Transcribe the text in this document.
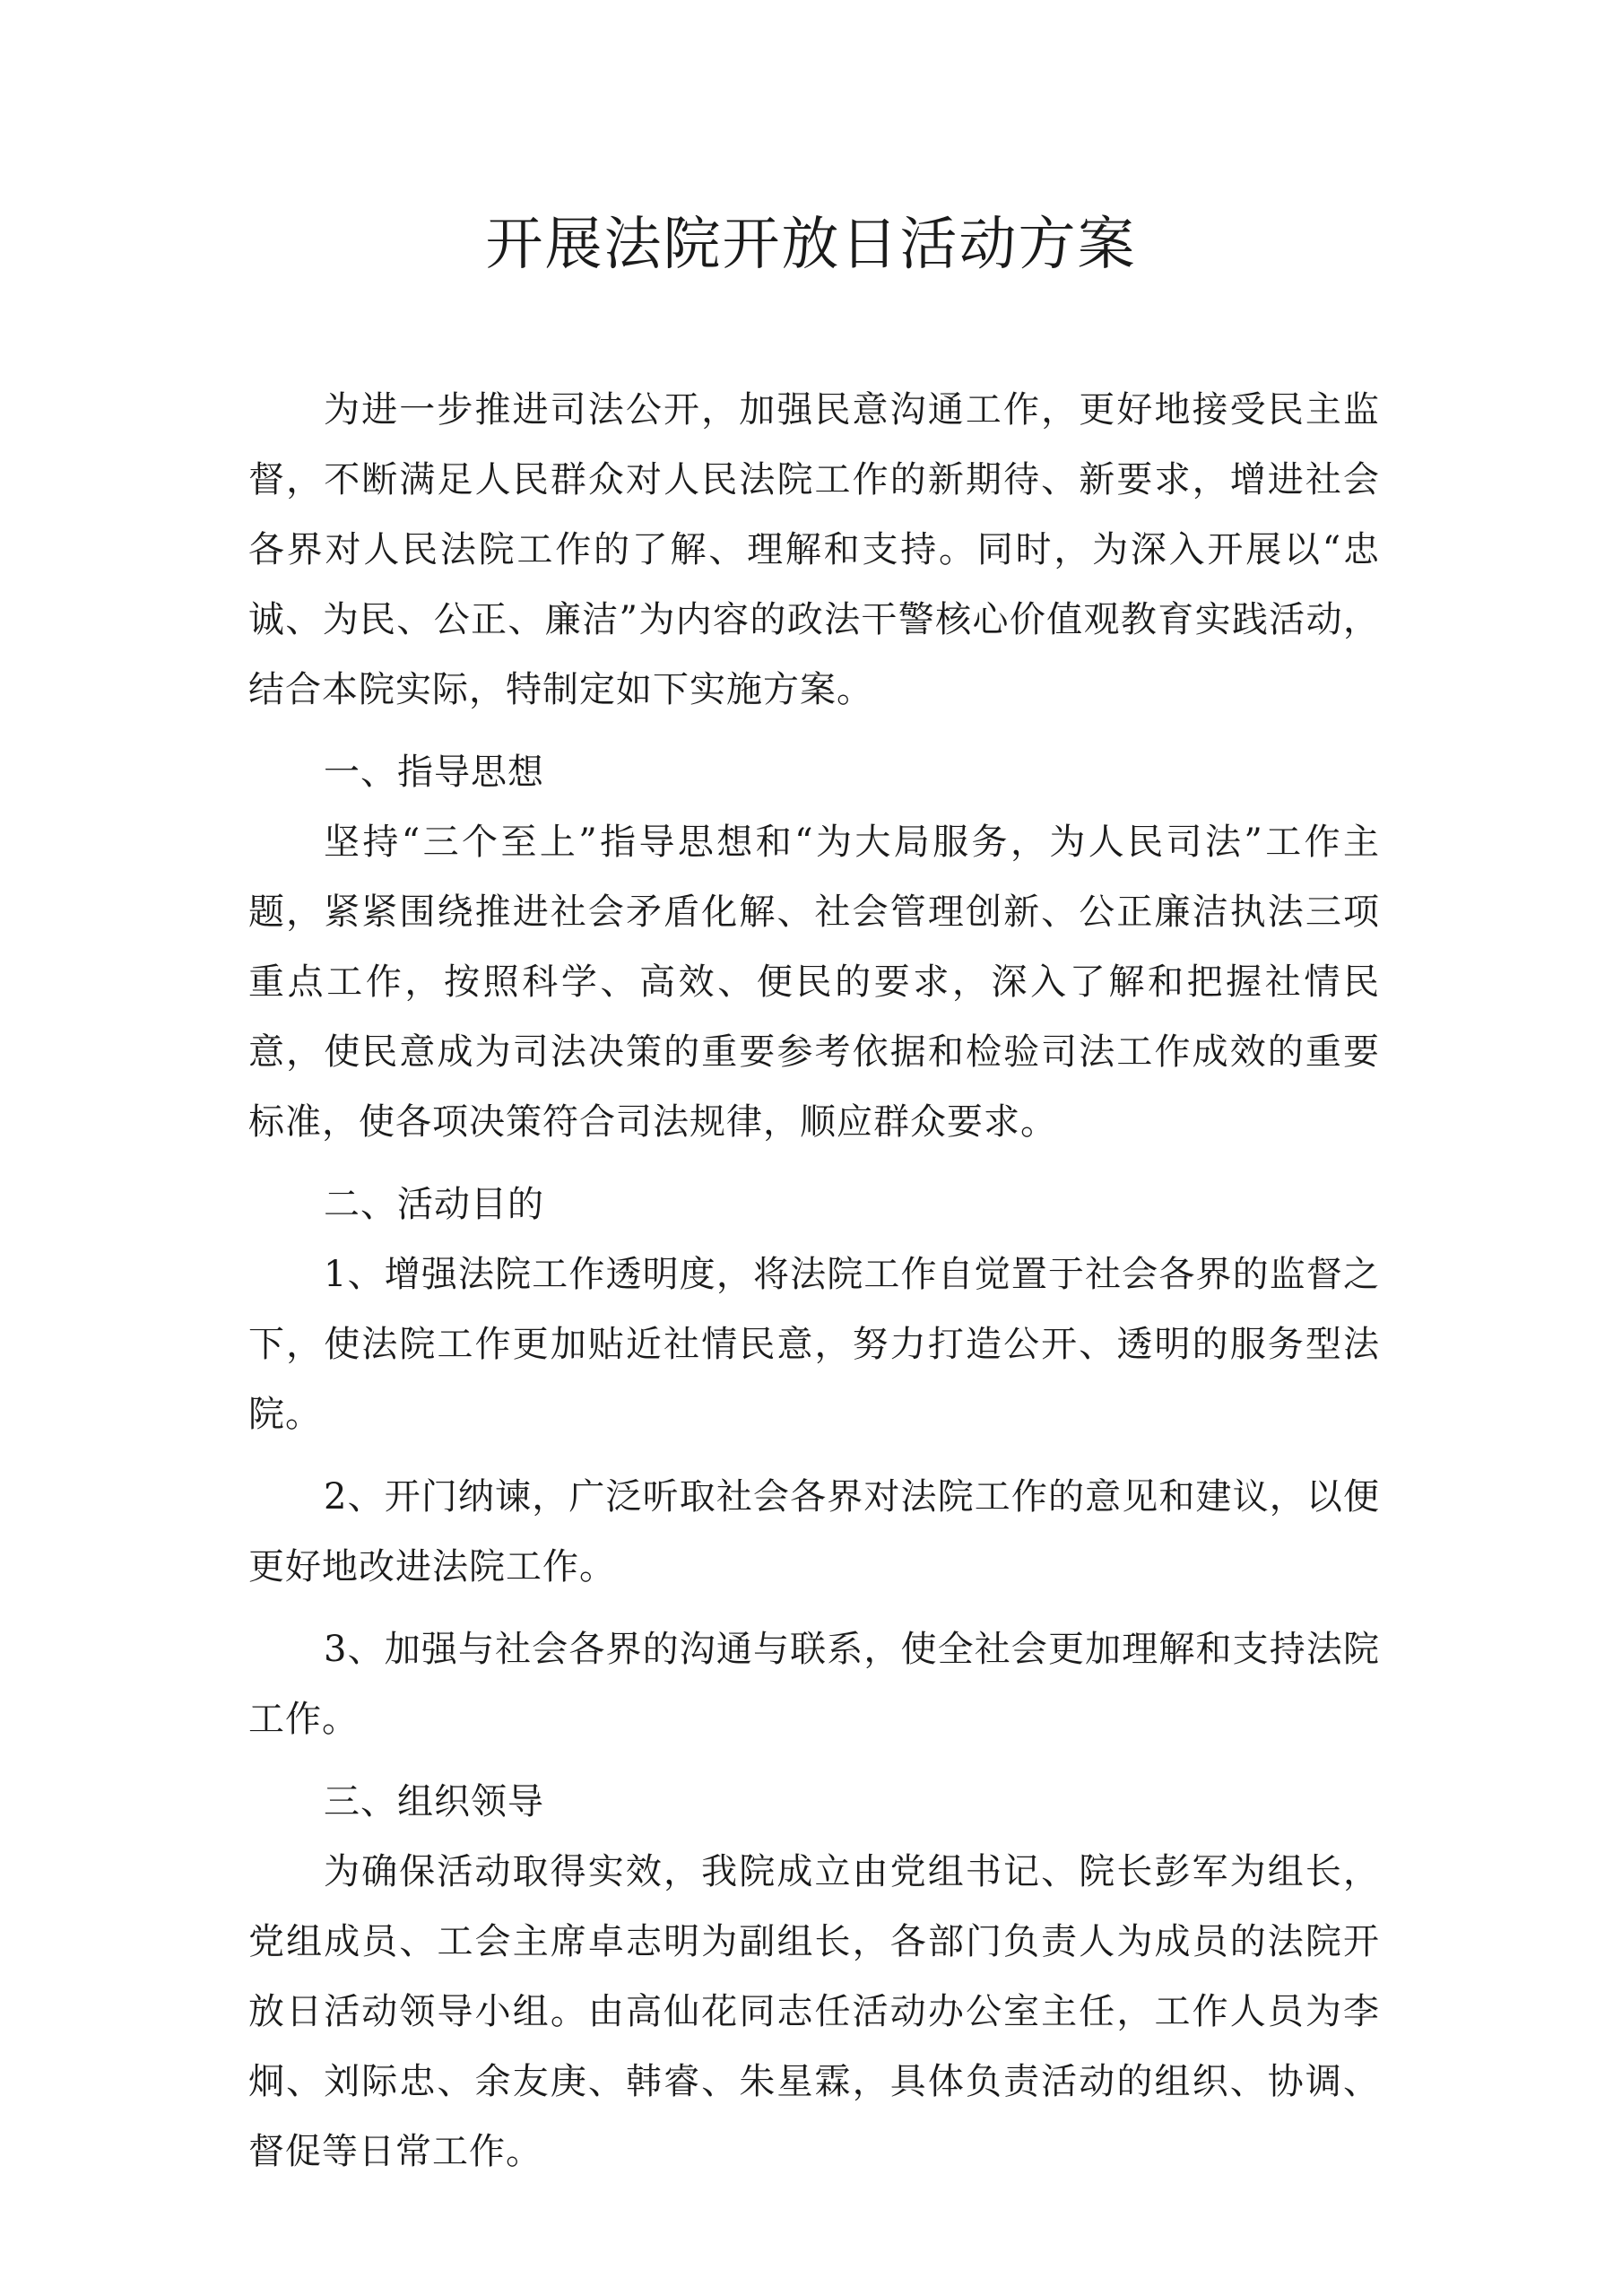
开展法院开放日活动方案

为进一步推进司法公开，加强民意沟通工作，更好地接受民主监督，不断满足人民群众对人民法院工作的新期待、新要求，增进社会各界对人民法院工作的了解、理解和支持。同时，为深入开展以“忠诚、为民、公正、廉洁”为内容的政法干警核心价值观教育实践活动，结合本院实际，特制定如下实施方案。

一、指导思想

坚持“三个至上”指导思想和“为大局服务，为人民司法”工作主题，紧紧围绕推进社会矛盾化解、社会管理创新、公正廉洁执法三项重点工作，按照科学、高效、便民的要求，深入了解和把握社情民意，使民意成为司法决策的重要参考依据和检验司法工作成效的重要标准，使各项决策符合司法规律，顺应群众要求。

二、活动目的

1、增强法院工作透明度，将法院工作自觉置于社会各界的监督之下，使法院工作更加贴近社情民意，努力打造公开、透明的服务型法院。

2、开门纳谏，广泛听取社会各界对法院工作的意见和建议，以便更好地改进法院工作。

3、加强与社会各界的沟通与联系，使全社会更加理解和支持法院工作。

三、组织领导

为确保活动取得实效，我院成立由党组书记、院长彭军为组长，党组成员、工会主席卓志明为副组长，各部门负责人为成员的法院开放日活动领导小组。由高仙花同志任活动办公室主任，工作人员为李炯、刘际忠、余友庚、韩睿、朱星霖，具体负责活动的组织、协调、督促等日常工作。
